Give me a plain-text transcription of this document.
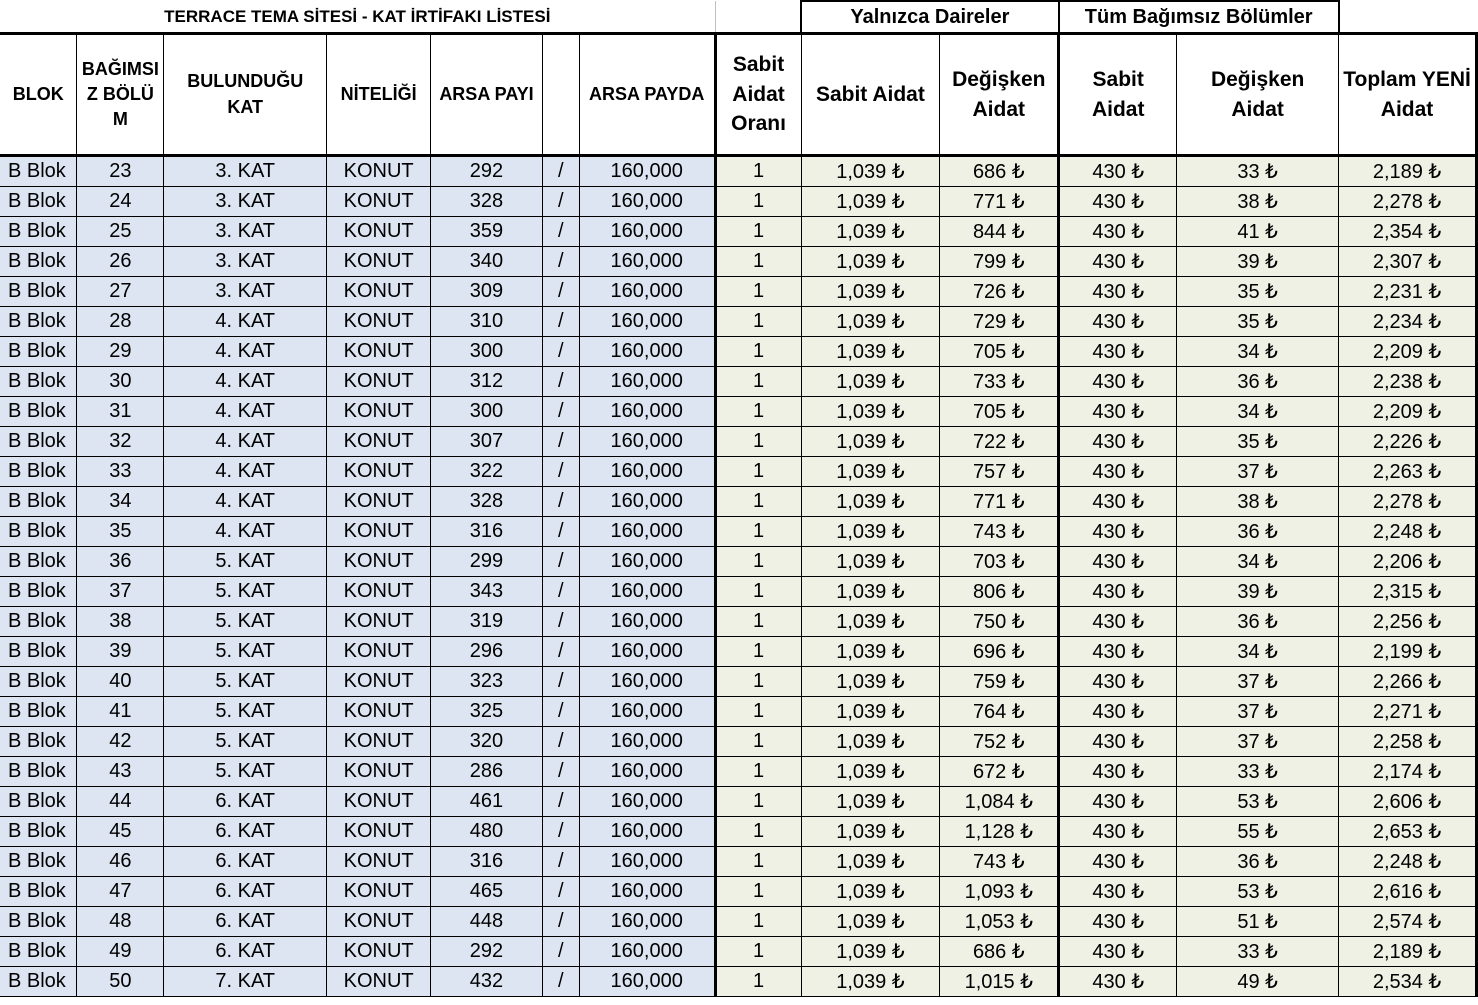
TERRACE TEMA SİTESİ - KAT İRTİFAKI LİSTESİ								Yalnızca Daireler		Tüm Bağımsız Bölümler		
BLOK	BAĞIMSIZ BÖLÜM	BULUNDUĞU KAT	NİTELİĞİ	ARSA PAYI		ARSA PAYDA	Sabit Aidat Oranı	Sabit Aidat	Değişken Aidat	Sabit Aidat	Değişken Aidat	Toplam YENİ Aidat
B Blok	23	3. KAT	KONUT	292	/	160,000	1	1,039 ₺	686 ₺	430 ₺	33 ₺	2,189 ₺
B Blok	24	3. KAT	KONUT	328	/	160,000	1	1,039 ₺	771 ₺	430 ₺	38 ₺	2,278 ₺
B Blok	25	3. KAT	KONUT	359	/	160,000	1	1,039 ₺	844 ₺	430 ₺	41 ₺	2,354 ₺
B Blok	26	3. KAT	KONUT	340	/	160,000	1	1,039 ₺	799 ₺	430 ₺	39 ₺	2,307 ₺
B Blok	27	3. KAT	KONUT	309	/	160,000	1	1,039 ₺	726 ₺	430 ₺	35 ₺	2,231 ₺
B Blok	28	4. KAT	KONUT	310	/	160,000	1	1,039 ₺	729 ₺	430 ₺	35 ₺	2,234 ₺
B Blok	29	4. KAT	KONUT	300	/	160,000	1	1,039 ₺	705 ₺	430 ₺	34 ₺	2,209 ₺
B Blok	30	4. KAT	KONUT	312	/	160,000	1	1,039 ₺	733 ₺	430 ₺	36 ₺	2,238 ₺
B Blok	31	4. KAT	KONUT	300	/	160,000	1	1,039 ₺	705 ₺	430 ₺	34 ₺	2,209 ₺
B Blok	32	4. KAT	KONUT	307	/	160,000	1	1,039 ₺	722 ₺	430 ₺	35 ₺	2,226 ₺
B Blok	33	4. KAT	KONUT	322	/	160,000	1	1,039 ₺	757 ₺	430 ₺	37 ₺	2,263 ₺
B Blok	34	4. KAT	KONUT	328	/	160,000	1	1,039 ₺	771 ₺	430 ₺	38 ₺	2,278 ₺
B Blok	35	4. KAT	KONUT	316	/	160,000	1	1,039 ₺	743 ₺	430 ₺	36 ₺	2,248 ₺
B Blok	36	5. KAT	KONUT	299	/	160,000	1	1,039 ₺	703 ₺	430 ₺	34 ₺	2,206 ₺
B Blok	37	5. KAT	KONUT	343	/	160,000	1	1,039 ₺	806 ₺	430 ₺	39 ₺	2,315 ₺
B Blok	38	5. KAT	KONUT	319	/	160,000	1	1,039 ₺	750 ₺	430 ₺	36 ₺	2,256 ₺
B Blok	39	5. KAT	KONUT	296	/	160,000	1	1,039 ₺	696 ₺	430 ₺	34 ₺	2,199 ₺
B Blok	40	5. KAT	KONUT	323	/	160,000	1	1,039 ₺	759 ₺	430 ₺	37 ₺	2,266 ₺
B Blok	41	5. KAT	KONUT	325	/	160,000	1	1,039 ₺	764 ₺	430 ₺	37 ₺	2,271 ₺
B Blok	42	5. KAT	KONUT	320	/	160,000	1	1,039 ₺	752 ₺	430 ₺	37 ₺	2,258 ₺
B Blok	43	5. KAT	KONUT	286	/	160,000	1	1,039 ₺	672 ₺	430 ₺	33 ₺	2,174 ₺
B Blok	44	6. KAT	KONUT	461	/	160,000	1	1,039 ₺	1,084 ₺	430 ₺	53 ₺	2,606 ₺
B Blok	45	6. KAT	KONUT	480	/	160,000	1	1,039 ₺	1,128 ₺	430 ₺	55 ₺	2,653 ₺
B Blok	46	6. KAT	KONUT	316	/	160,000	1	1,039 ₺	743 ₺	430 ₺	36 ₺	2,248 ₺
B Blok	47	6. KAT	KONUT	465	/	160,000	1	1,039 ₺	1,093 ₺	430 ₺	53 ₺	2,616 ₺
B Blok	48	6. KAT	KONUT	448	/	160,000	1	1,039 ₺	1,053 ₺	430 ₺	51 ₺	2,574 ₺
B Blok	49	6. KAT	KONUT	292	/	160,000	1	1,039 ₺	686 ₺	430 ₺	33 ₺	2,189 ₺
B Blok	50	7. KAT	KONUT	432	/	160,000	1	1,039 ₺	1,015 ₺	430 ₺	49 ₺	2,534 ₺
